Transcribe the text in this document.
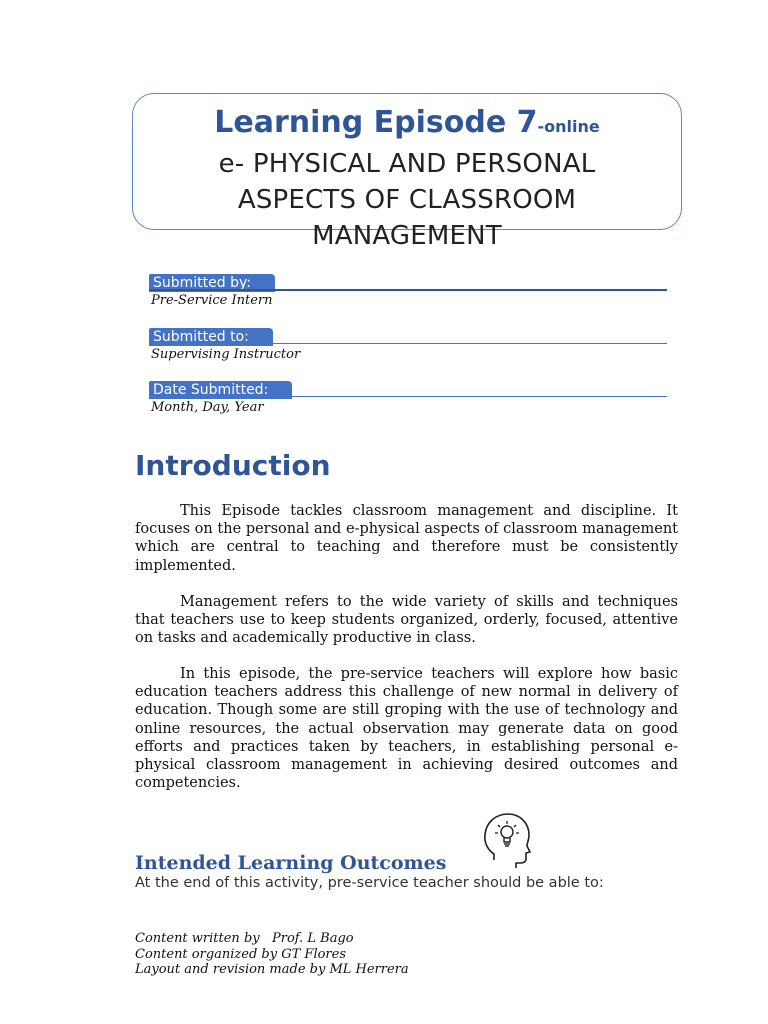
Learning Episode 7-online
e- PHYSICAL AND PERSONAL
ASPECTS OF CLASSROOM
MANAGEMENT
Submitted by:
Pre-Service Intern
Submitted to:
Supervising Instructor
Date Submitted:
Month, Day, Year
Introduction

This Episode tackles classroom management and discipline. It focuses on the personal and e-physical aspects of classroom management which are central to teaching and therefore must be consistently implemented.

Management refers to the wide variety of skills and techniques that teachers use to keep students organized, orderly, focused, attentive on tasks and academically productive in class.

In this episode, the pre-service teachers will explore how basic education teachers address this challenge of new normal in delivery of education. Though some are still groping with the use of technology and online resources, the actual observation may generate data on good efforts and practices taken by teachers, in establishing personal e- physical classroom management in achieving desired outcomes and competencies.

Intended Learning Outcomes

At the end of this activity, pre-service teacher should be able to:

Content written by   Prof. L Bago
Content organized by GT Flores
Layout and revision made by ML Herrera
